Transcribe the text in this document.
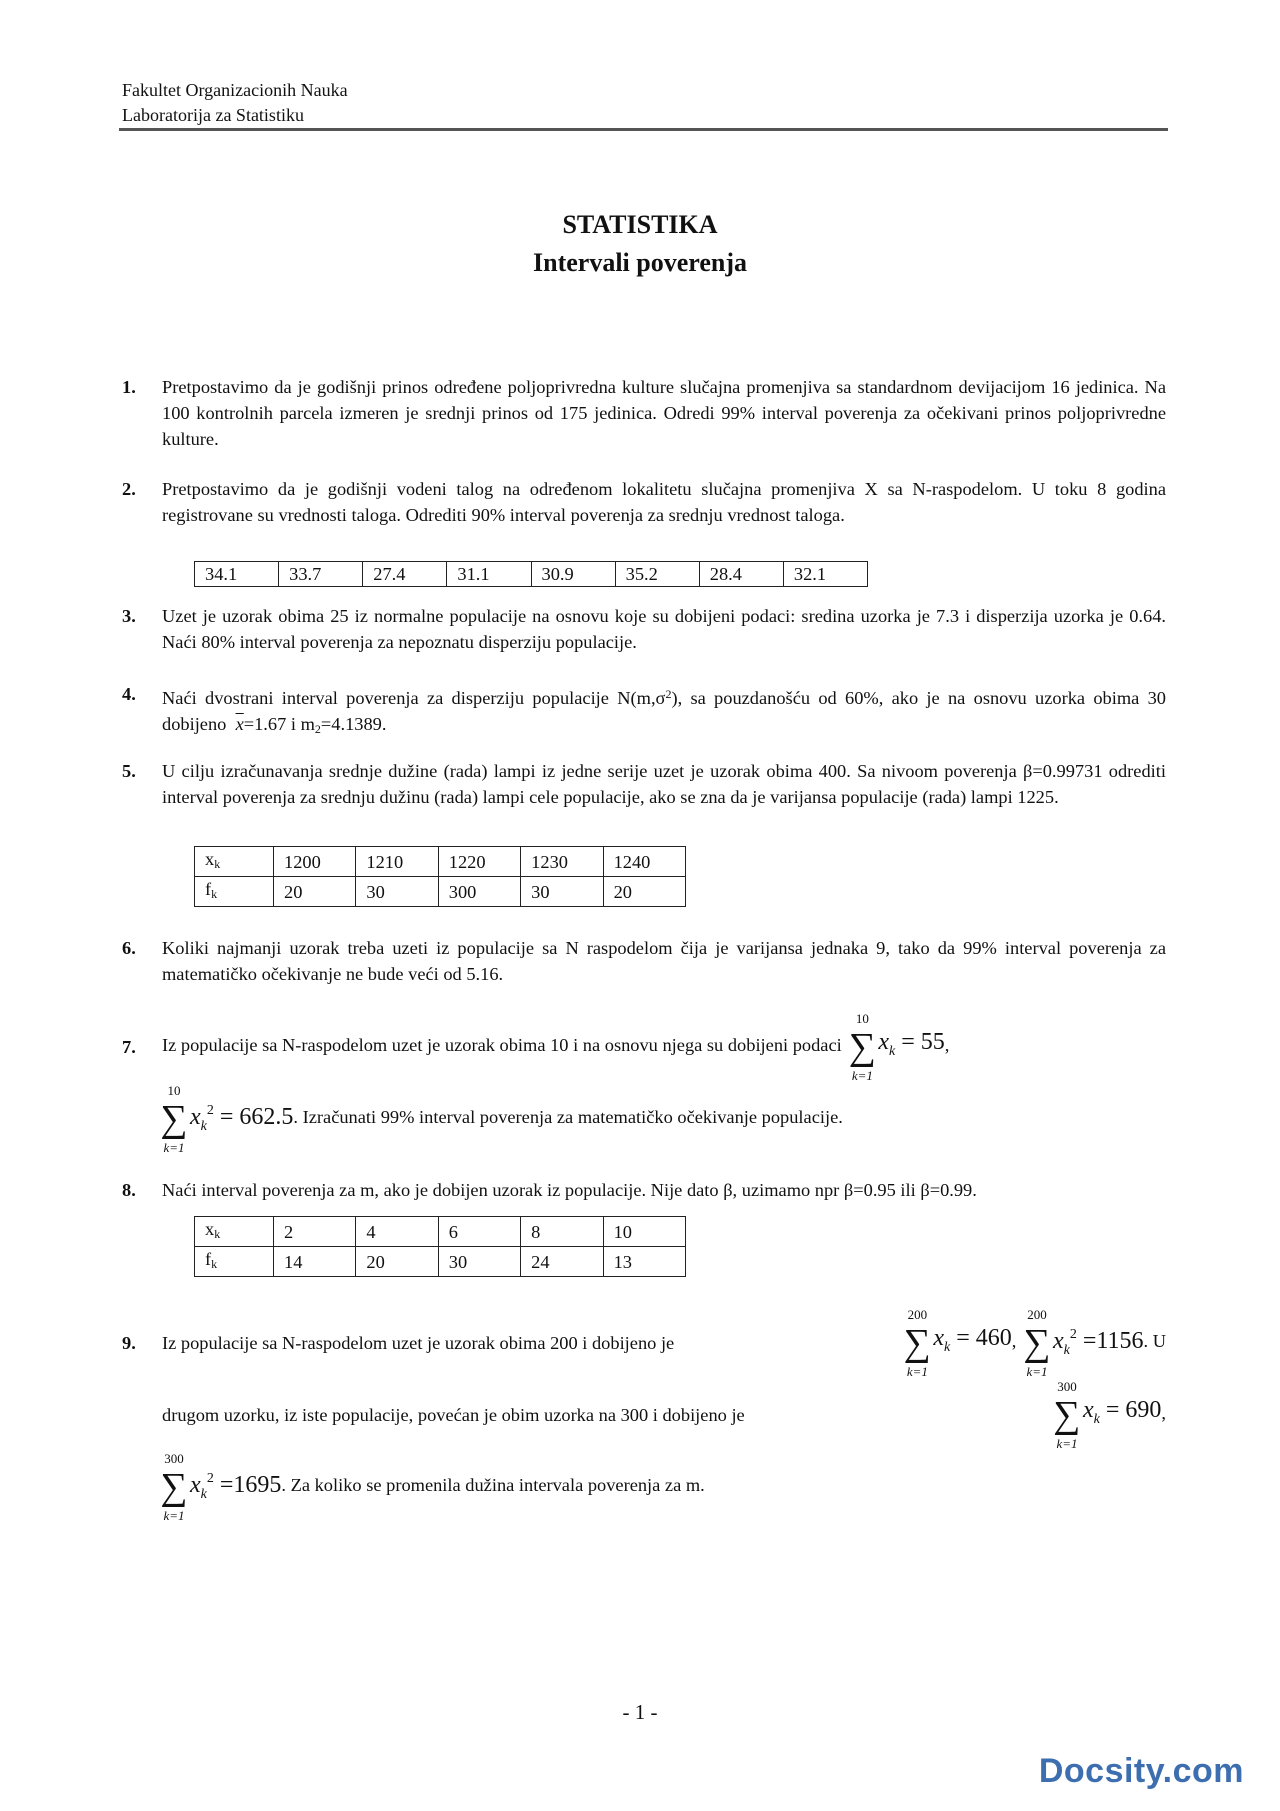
Fakultet Organizacionih Nauka
Laboratorija za Statistiku
STATISTIKA
Intervali poverenja
1. Pretpostavimo da je godišnji prinos određene poljoprivredna kulture slučajna promenjiva sa standardnom devijacijom 16 jedinica. Na 100 kontrolnih parcela izmeren je srednji prinos od 175 jedinica. Odredi 99% interval poverenja za očekivani prinos poljoprivredne kulture.
2. Pretpostavimo da je godišnji vodeni talog na određenom lokalitetu slučajna promenjiva X sa N-raspodelom. U toku 8 godina registrovane su vrednosti taloga. Odrediti 90% interval poverenja za srednju vrednost taloga.
34.1	33.7	27.4	31.1	30.9	35.2	28.4	32.1
3. Uzet je uzorak obima 25 iz normalne populacije na osnovu koje su dobijeni podaci: sredina uzorka je 7.3 i disperzija uzorka je 0.64. Naći 80% interval poverenja za nepoznatu disperziju populacije.
4. Naći dvostrani interval poverenja za disperziju populacije $N(m,\sigma^2)$, sa pouzdanošću od 60%, ako je na osnovu uzorka obima 30 dobijeno $\overline{x}=1.67$ i $m_2=4.1389$.
5. U cilju izračunavanja srednje dužine (rada) lampi iz jedne serije uzet je uzorak obima 400. Sa nivoom poverenja β=0.99731 odrediti interval poverenja za srednju dužinu (rada) lampi cele populacije, ako se zna da je varijansa populacije (rada) lampi 1225.
$x_k$	1200	1210	1220	1230	1240
$f_k$	20	30	300	30	20
6. Koliki najmanji uzorak treba uzeti iz populacije sa N raspodelom čija je varijansa jednaka 9, tako da 99% interval poverenja za matematičko očekivanje ne bude veći od 5.16.
7. Iz populacije sa N-raspodelom uzet je uzorak obima 10 i na osnovu njega su dobijeni podaci
10
∑
k=1
$x_k = 55$,
10
∑
k=1
$x_k^2 = 662.5$. Izračunati 99% interval poverenja za matematičko očekivanje populacije.
8. Naći interval poverenja za m, ako je dobijen uzorak iz populacije. Nije dato β, uzimamo npr β=0.95 ili β=0.99.
$x_k$	2	4	6	8	10
$f_k$	14	20	30	24	13
9. Iz populacije sa N-raspodelom uzet je uzorak obima 200 i dobijeno je
200
∑
k=1
$x_k = 460$,
200
∑
k=1
$x_k^2 =1156$. U
drugom uzorku, iz iste populacije, povećan je obim uzorka na 300 i dobijeno je
300
∑
k=1
$x_k = 690$,
300
∑
k=1
$x_k^2 =1695$. Za koliko se promenila dužina intervala poverenja za m.
- 1 -
Docsity.com
